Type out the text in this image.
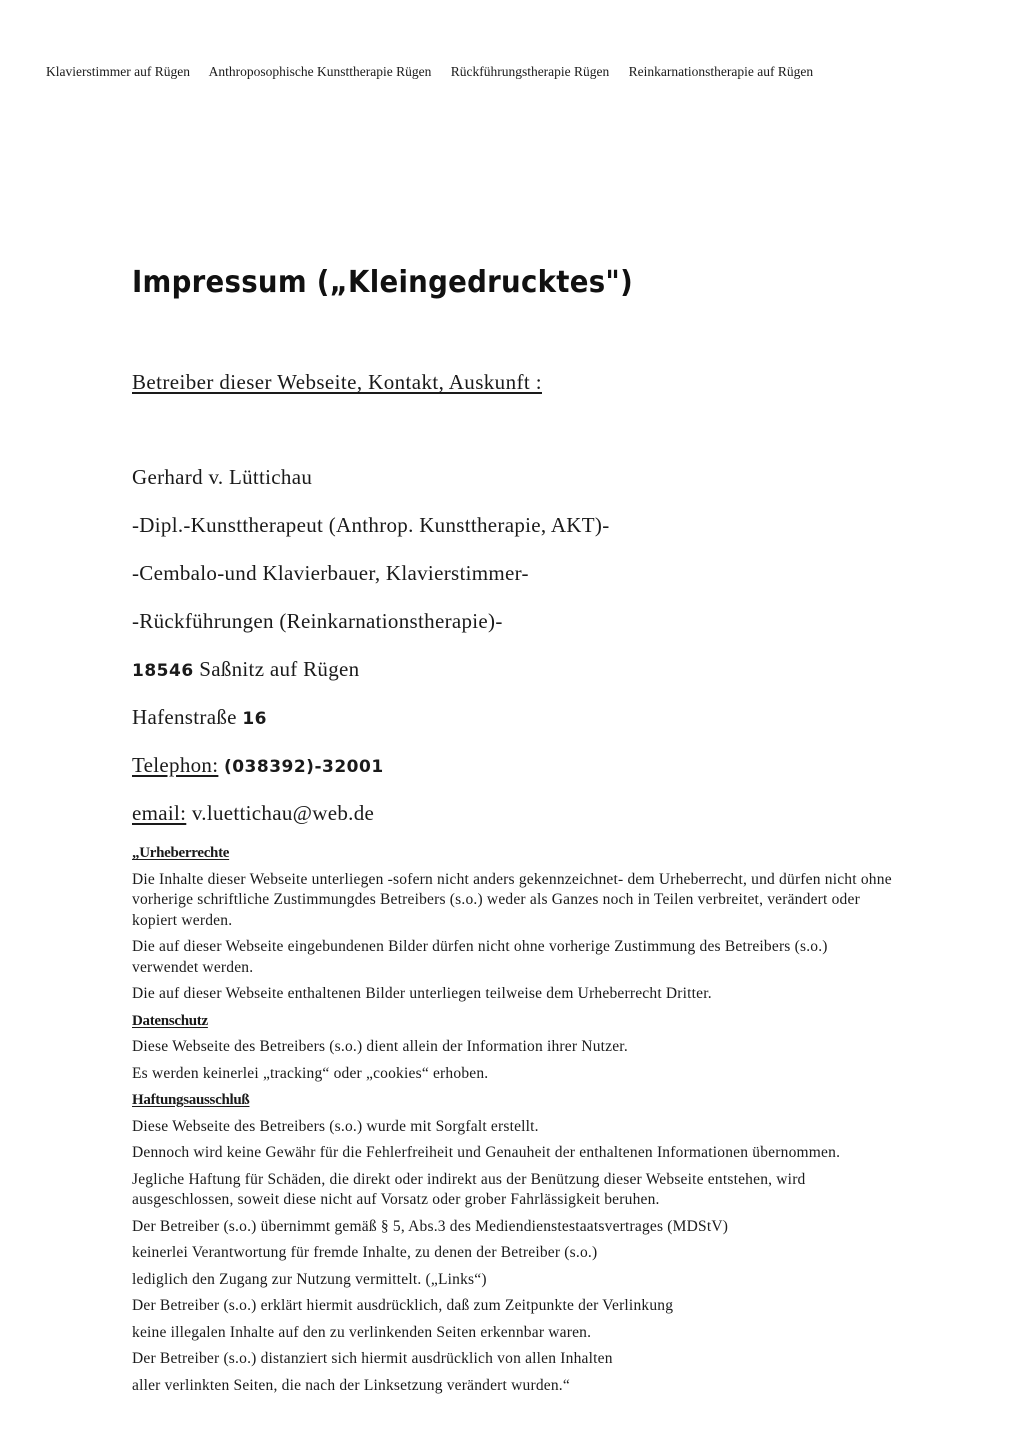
Klavierstimmer auf Rügen Anthroposophische Kunsttherapie Rügen Rückführungstherapie Rügen Reinkarnationstherapie auf Rügen
Impressum („Kleingedrucktes")
Betreiber dieser Webseite, Kontakt, Auskunft :
Gerhard v. Lüttichau
-Dipl.-Kunsttherapeut (Anthrop. Kunsttherapie, AKT)-
-Cembalo-und Klavierbauer, Klavierstimmer-
-Rückführungen (Reinkarnationstherapie)-
18546 Saßnitz auf Rügen
Hafenstraße 16
Telephon: (038392)-32001
email: v.luettichau@web.de
„Urheberrechte

Die Inhalte dieser Webseite unterliegen -sofern nicht anders gekennzeichnet- dem Urheberrecht, und dürfen nicht ohne vorherige schriftliche Zustimmungdes Betreibers (s.o.) weder als Ganzes noch in Teilen verbreitet, verändert oder kopiert werden.

Die auf dieser Webseite eingebundenen Bilder dürfen nicht ohne vorherige Zustimmung des Betreibers (s.o.) verwendet werden.

Die auf dieser Webseite enthaltenen Bilder unterliegen teilweise dem Urheberrecht Dritter.

Datenschutz

Diese Webseite des Betreibers (s.o.) dient allein der Information ihrer Nutzer.

Es werden keinerlei „tracking“ oder „cookies“ erhoben.

Haftungsausschluß

Diese Webseite des Betreibers (s.o.) wurde mit Sorgfalt erstellt.

Dennoch wird keine Gewähr für die Fehlerfreiheit und Genauheit der enthaltenen Informationen übernommen.

Jegliche Haftung für Schäden, die direkt oder indirekt aus der Benützung dieser Webseite entstehen, wird ausgeschlossen, soweit diese nicht auf Vorsatz oder grober Fahrlässigkeit beruhen.

Der Betreiber (s.o.) übernimmt gemäß § 5, Abs.3 des Mediendienstestaatsvertrages (MDStV)

keinerlei Verantwortung für fremde Inhalte, zu denen der Betreiber (s.o.)

lediglich den Zugang zur Nutzung vermittelt. („Links“)

Der Betreiber (s.o.) erklärt hiermit ausdrücklich, daß zum Zeitpunkte der Verlinkung

keine illegalen Inhalte auf den zu verlinkenden Seiten erkennbar waren.

Der Betreiber (s.o.) distanziert sich hiermit ausdrücklich von allen Inhalten

aller verlinkten Seiten, die nach der Linksetzung verändert wurden.“
